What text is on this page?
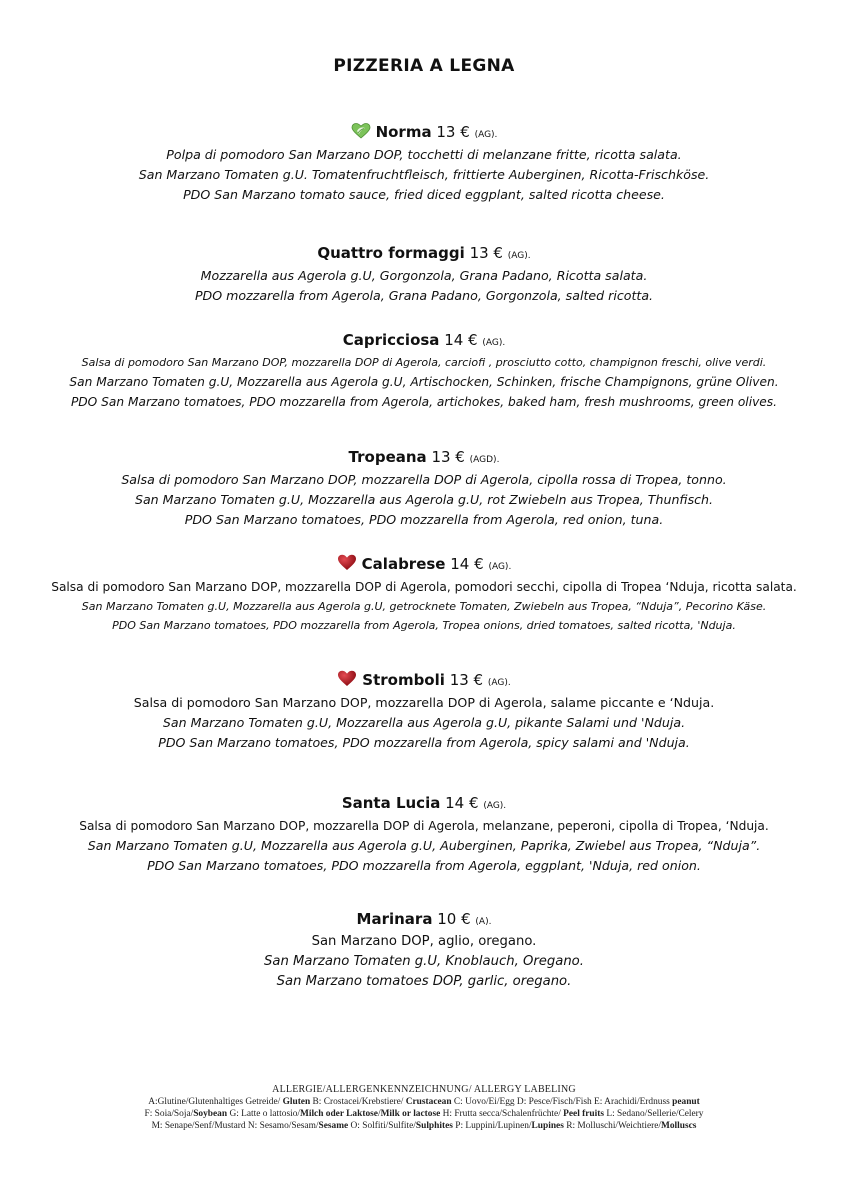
PIZZERIA A LEGNA
Norma 13 € (AG).
Polpa di pomodoro San Marzano DOP, tocchetti di melanzane fritte, ricotta salata.
San Marzano Tomaten g.U. Tomatenfruchtfleisch, frittierte Auberginen, Ricotta-Frischköse.
PDO San Marzano tomato sauce, fried diced eggplant, salted ricotta cheese.
Quattro formaggi 13 € (AG).
Mozzarella aus Agerola g.U, Gorgonzola, Grana Padano, Ricotta salata.
PDO mozzarella from Agerola, Grana Padano, Gorgonzola, salted ricotta.
Capricciosa 14 € (AG).
Salsa di pomodoro San Marzano DOP, mozzarella DOP di Agerola, carciofi , prosciutto cotto, champignon freschi, olive verdi.
San Marzano Tomaten g.U, Mozzarella aus Agerola g.U, Artischocken, Schinken, frische Champignons, grüne Oliven.
PDO San Marzano tomatoes, PDO mozzarella from Agerola, artichokes, baked ham, fresh mushrooms, green olives.
Tropeana 13 € (AGD).
Salsa di pomodoro San Marzano DOP, mozzarella DOP di Agerola, cipolla rossa di Tropea, tonno.
San Marzano Tomaten g.U, Mozzarella aus Agerola g.U, rot Zwiebeln aus Tropea, Thunfisch.
PDO San Marzano tomatoes, PDO mozzarella from Agerola, red onion, tuna.
Calabrese 14 € (AG).
Salsa di pomodoro San Marzano DOP, mozzarella DOP di Agerola, pomodori secchi, cipolla di Tropea ‘Nduja, ricotta salata.
San Marzano Tomaten g.U, Mozzarella aus Agerola g.U, getrocknete Tomaten, Zwiebeln aus Tropea, “Nduja”, Pecorino Käse.
PDO San Marzano tomatoes, PDO mozzarella from Agerola, Tropea onions, dried tomatoes, salted ricotta, 'Nduja.
Stromboli 13 € (AG).
Salsa di pomodoro San Marzano DOP, mozzarella DOP di Agerola, salame piccante e ‘Nduja.
San Marzano Tomaten g.U, Mozzarella aus Agerola g.U, pikante Salami und 'Nduja.
PDO San Marzano tomatoes, PDO mozzarella from Agerola, spicy salami and 'Nduja.
Santa Lucia 14 € (AG).
Salsa di pomodoro San Marzano DOP, mozzarella DOP di Agerola, melanzane, peperoni, cipolla di Tropea, ‘Nduja.
San Marzano Tomaten g.U, Mozzarella aus Agerola g.U, Auberginen, Paprika, Zwiebel aus Tropea, “Nduja”.
PDO San Marzano tomatoes, PDO mozzarella from Agerola, eggplant, 'Nduja, red onion.
Marinara 10 € (A).
San Marzano DOP, aglio, oregano.
San Marzano Tomaten g.U, Knoblauch, Oregano.
San Marzano tomatoes DOP, garlic, oregano.
ALLERGIE/ALLERGENKENNZEICHNUNG/ ALLERGY LABELING
A:Glutine/Glutenhaltiges Getreide/ Gluten B: Crostacei/Krebstiere/ Crustacean C: Uovo/Ei/Egg D: Pesce/Fisch/Fish E: Arachidi/Erdnuss peanut
F: Soia/Soja/Soybean G: Latte o lattosio/Milch oder Laktose/Milk or lactose H: Frutta secca/Schalenfrüchte/ Peel fruits L: Sedano/Sellerie/Celery
M: Senape/Senf/Mustard N: Sesamo/Sesam/Sesame O: Solfiti/Sulfite/Sulphites P: Luppini/Lupinen/Lupines R: Molluschi/Weichtiere/Molluscs
